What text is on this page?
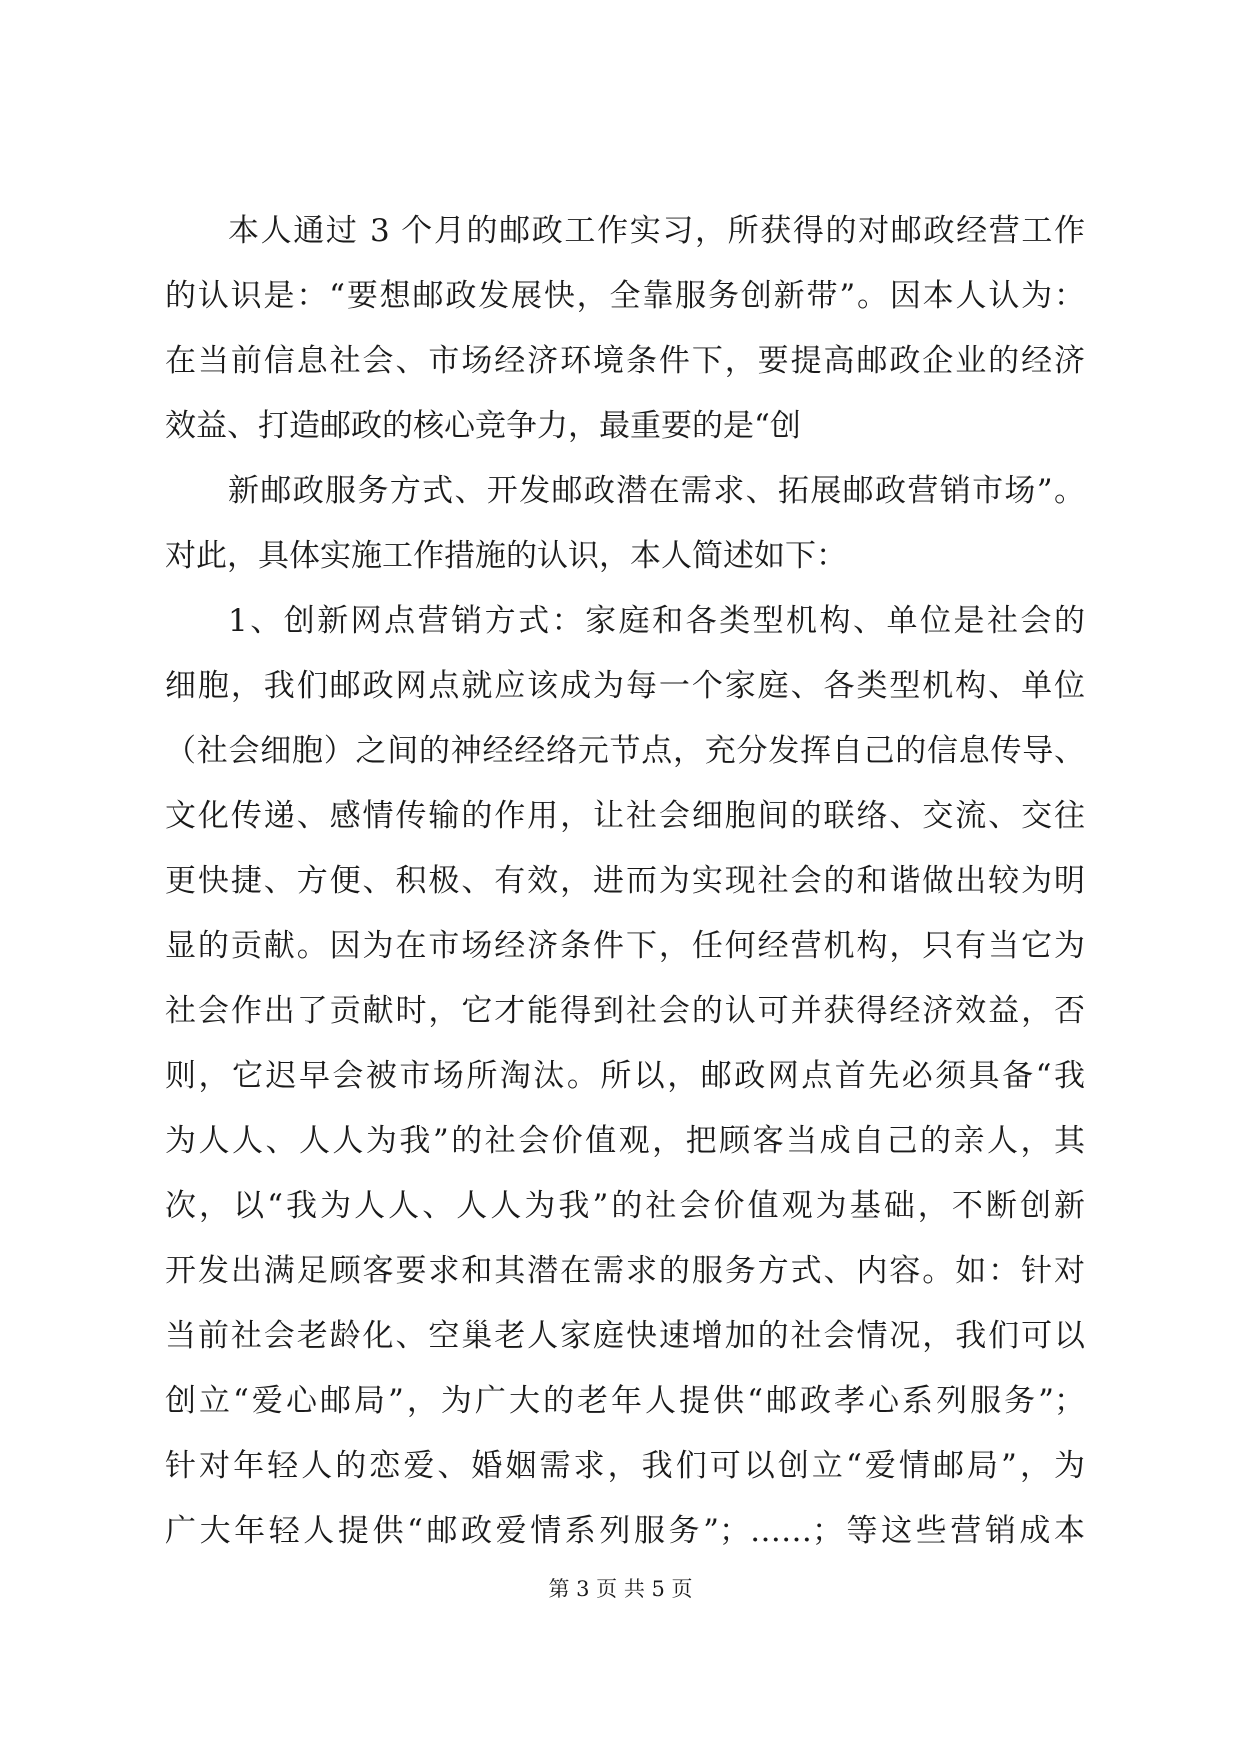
本人通过 3 个月的邮政工作实习，所获得的对邮政经营工作
的认识是：“要想邮政发展快，全靠服务创新带”。因本人认为：
在当前信息社会、市场经济环境条件下，要提高邮政企业的经济
效益、打造邮政的核心竞争力，最重要的是“创
新邮政服务方式、开发邮政潜在需求、拓展邮政营销市场”。
对此，具体实施工作措施的认识，本人简述如下：
1、创新网点营销方式：家庭和各类型机构、单位是社会的
细胞，我们邮政网点就应该成为每一个家庭、各类型机构、单位
（社会细胞）之间的神经经络元节点，充分发挥自己的信息传导、
文化传递、感情传输的作用，让社会细胞间的联络、交流、交往
更快捷、方便、积极、有效，进而为实现社会的和谐做出较为明
显的贡献。因为在市场经济条件下，任何经营机构，只有当它为
社会作出了贡献时，它才能得到社会的认可并获得经济效益，否
则，它迟早会被市场所淘汰。所以，邮政网点首先必须具备“我
为人人、人人为我”的社会价值观，把顾客当成自己的亲人，其
次，以“我为人人、人人为我”的社会价值观为基础，不断创新
开发出满足顾客要求和其潜在需求的服务方式、内容。如：针对
当前社会老龄化、空巢老人家庭快速增加的社会情况，我们可以
创立“爱心邮局”，为广大的老年人提供“邮政孝心系列服务”；
针对年轻人的恋爱、婚姻需求，我们可以创立“爱情邮局”，为
广大年轻人提供“邮政爱情系列服务”；……；等这些营销成本
第 3 页 共 5 页
